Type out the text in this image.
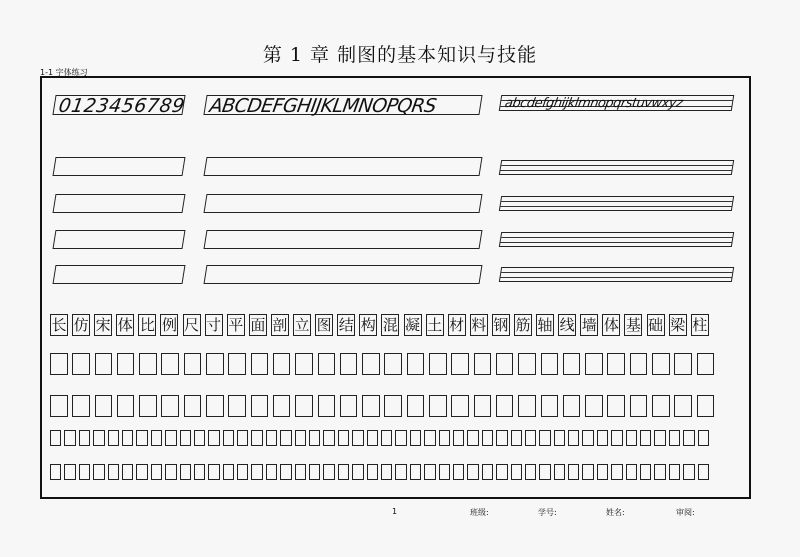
第 1 章 制图的基本知识与技能
1-1 字体练习
0123456789 ABCDEFGHIJKLMNOPQRS	abcdefghijklmnopqrstuvwxyz
长 仿 宋 体 比 例 尺 寸 平 面 剖 立 图 结 构 混 凝 土 材 料 钢 筋 轴 线 墙 体 基 础 梁 柱
1	班级:	学号:	姓名:	审阅:
